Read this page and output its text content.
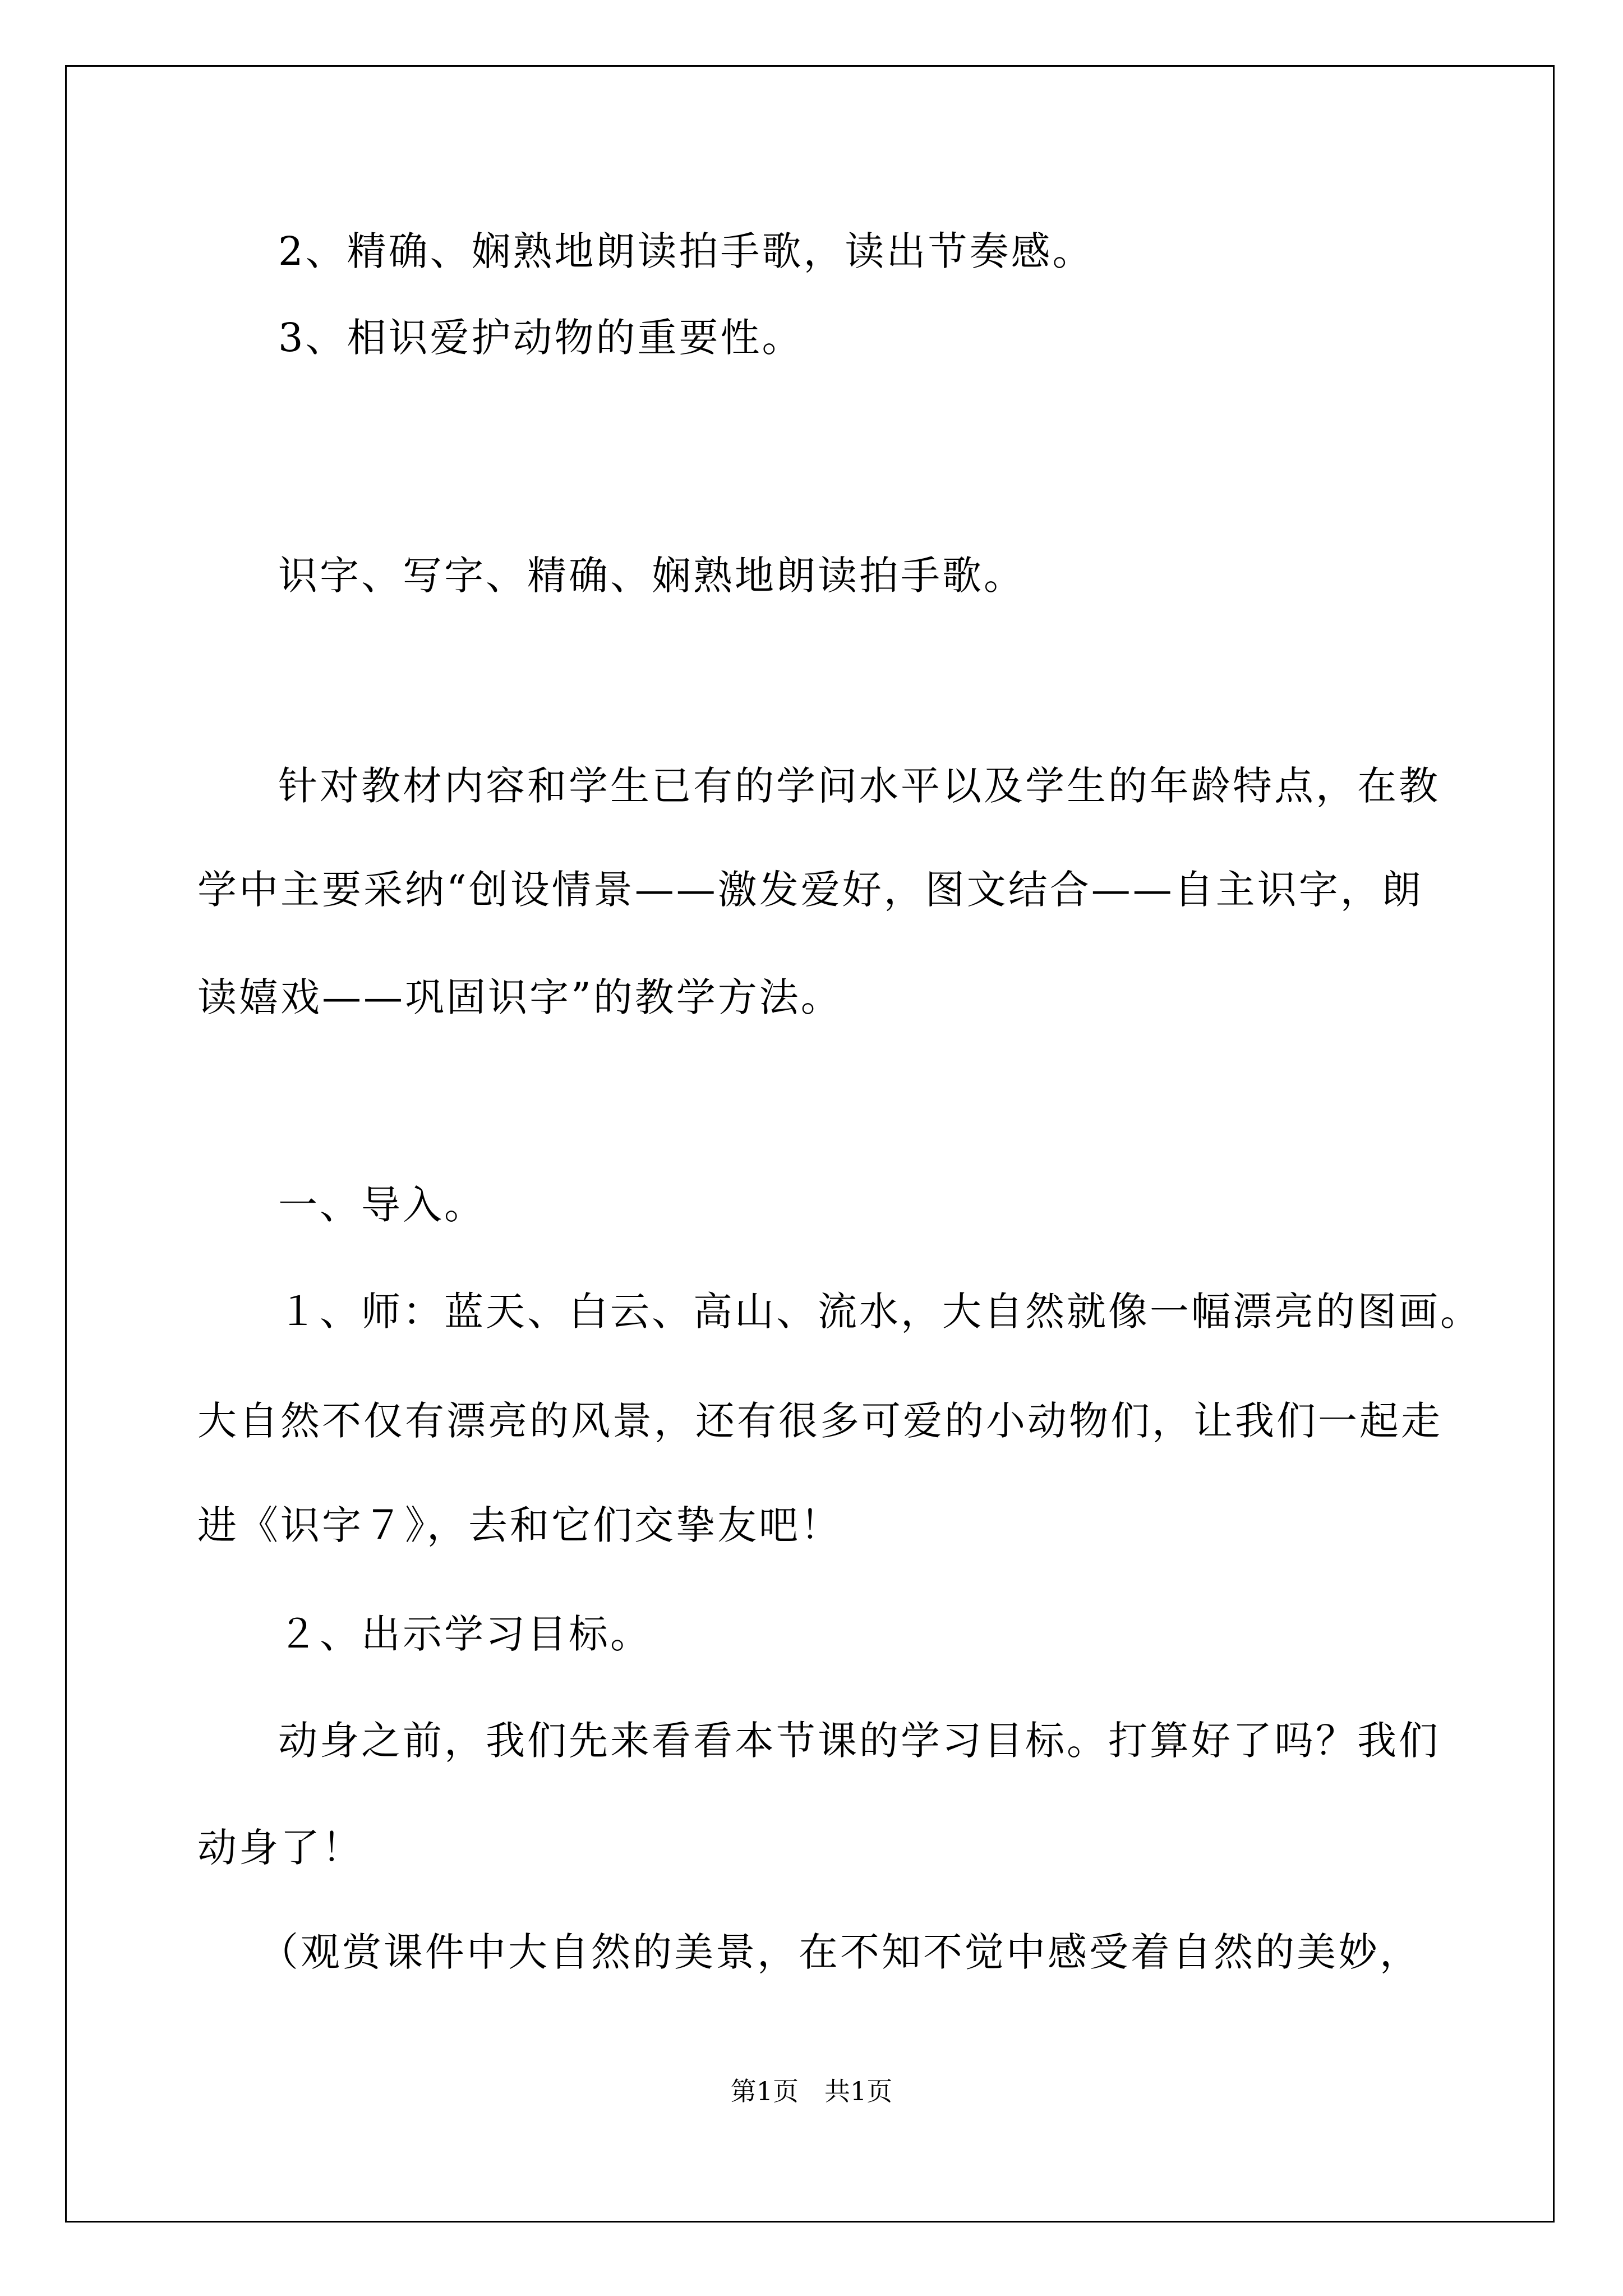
2、精确、娴熟地朗读拍手歌，读出节奏感。

3、相识爱护动物的重要性。

识字、写字、精确、娴熟地朗读拍手歌。

针对教材内容和学生已有的学问水平以及学生的年龄特点，在教

学中主要采纳“创设情景——激发爱好，图文结合——自主识字，朗

读嬉戏——巩固识字”的教学方法。

一、导入。

１、师：蓝天、白云、高山、流水，大自然就像一幅漂亮的图画。

大自然不仅有漂亮的风景，还有很多可爱的小动物们，让我们一起走

进《识字７》，去和它们交挚友吧！

２、出示学习目标。

动身之前，我们先来看看本节课的学习目标。打算好了吗？我们

动身了！

（观赏课件中大自然的美景，在不知不觉中感受着自然的美妙，

第1页　共1页
